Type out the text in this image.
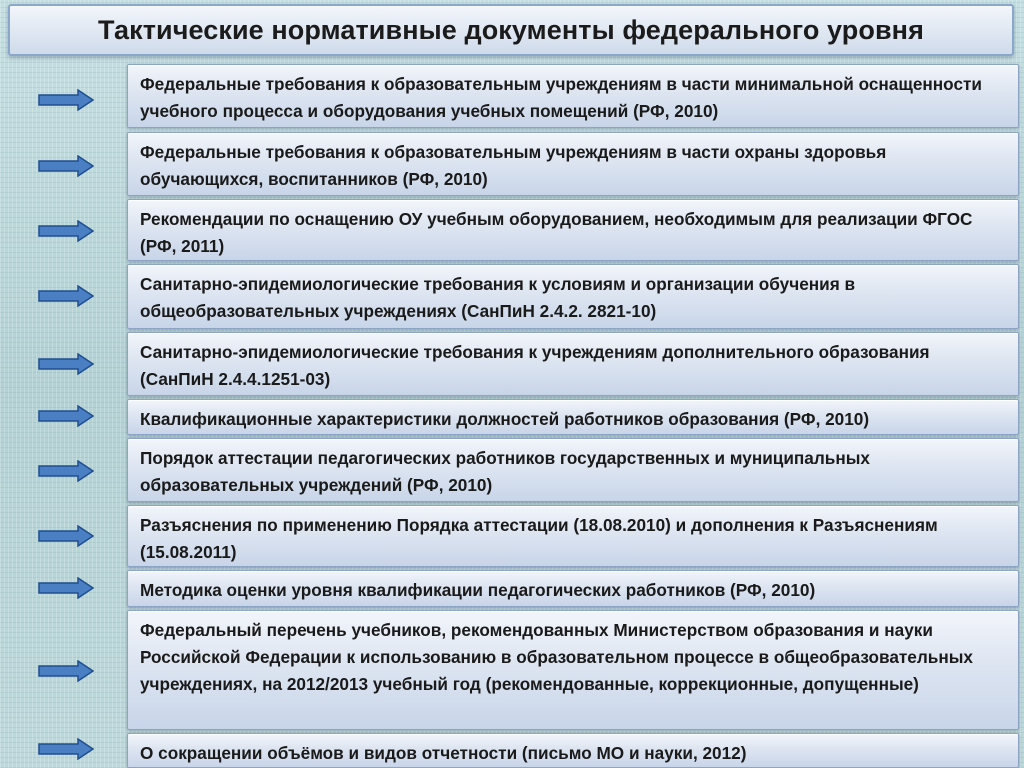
Тактические нормативные документы федерального уровня
Федеральные требования к образовательным учреждениям в части минимальной оснащенности учебного процесса и оборудования учебных помещений (РФ, 2010)
Федеральные требования к образовательным учреждениям в части охраны здоровья обучающихся, воспитанников (РФ, 2010)
Рекомендации по оснащению ОУ учебным оборудованием, необходимым для реализации ФГОС (РФ, 2011)
Санитарно-эпидемиологические требования к условиям и организации обучения в общеобразовательных учреждениях (СанПиН 2.4.2. 2821-10)
Санитарно-эпидемиологические требования к учреждениям дополнительного образования (СанПиН 2.4.4.1251-03)
Квалификационные характеристики должностей работников образования (РФ, 2010)
Порядок аттестации педагогических работников государственных и муниципальных образовательных учреждений (РФ, 2010)
Разъяснения по применению Порядка аттестации (18.08.2010) и дополнения к Разъяснениям (15.08.2011)
Методика оценки уровня квалификации педагогических работников (РФ, 2010)
Федеральный перечень учебников, рекомендованных Министерством образования и науки Российской Федерации к использованию в образовательном процессе в общеобразовательных учреждениях, на 2012/2013 учебный год (рекомендованные, коррекционные, допущенные)
О сокращении объёмов и видов отчетности (письмо МО и науки, 2012)
